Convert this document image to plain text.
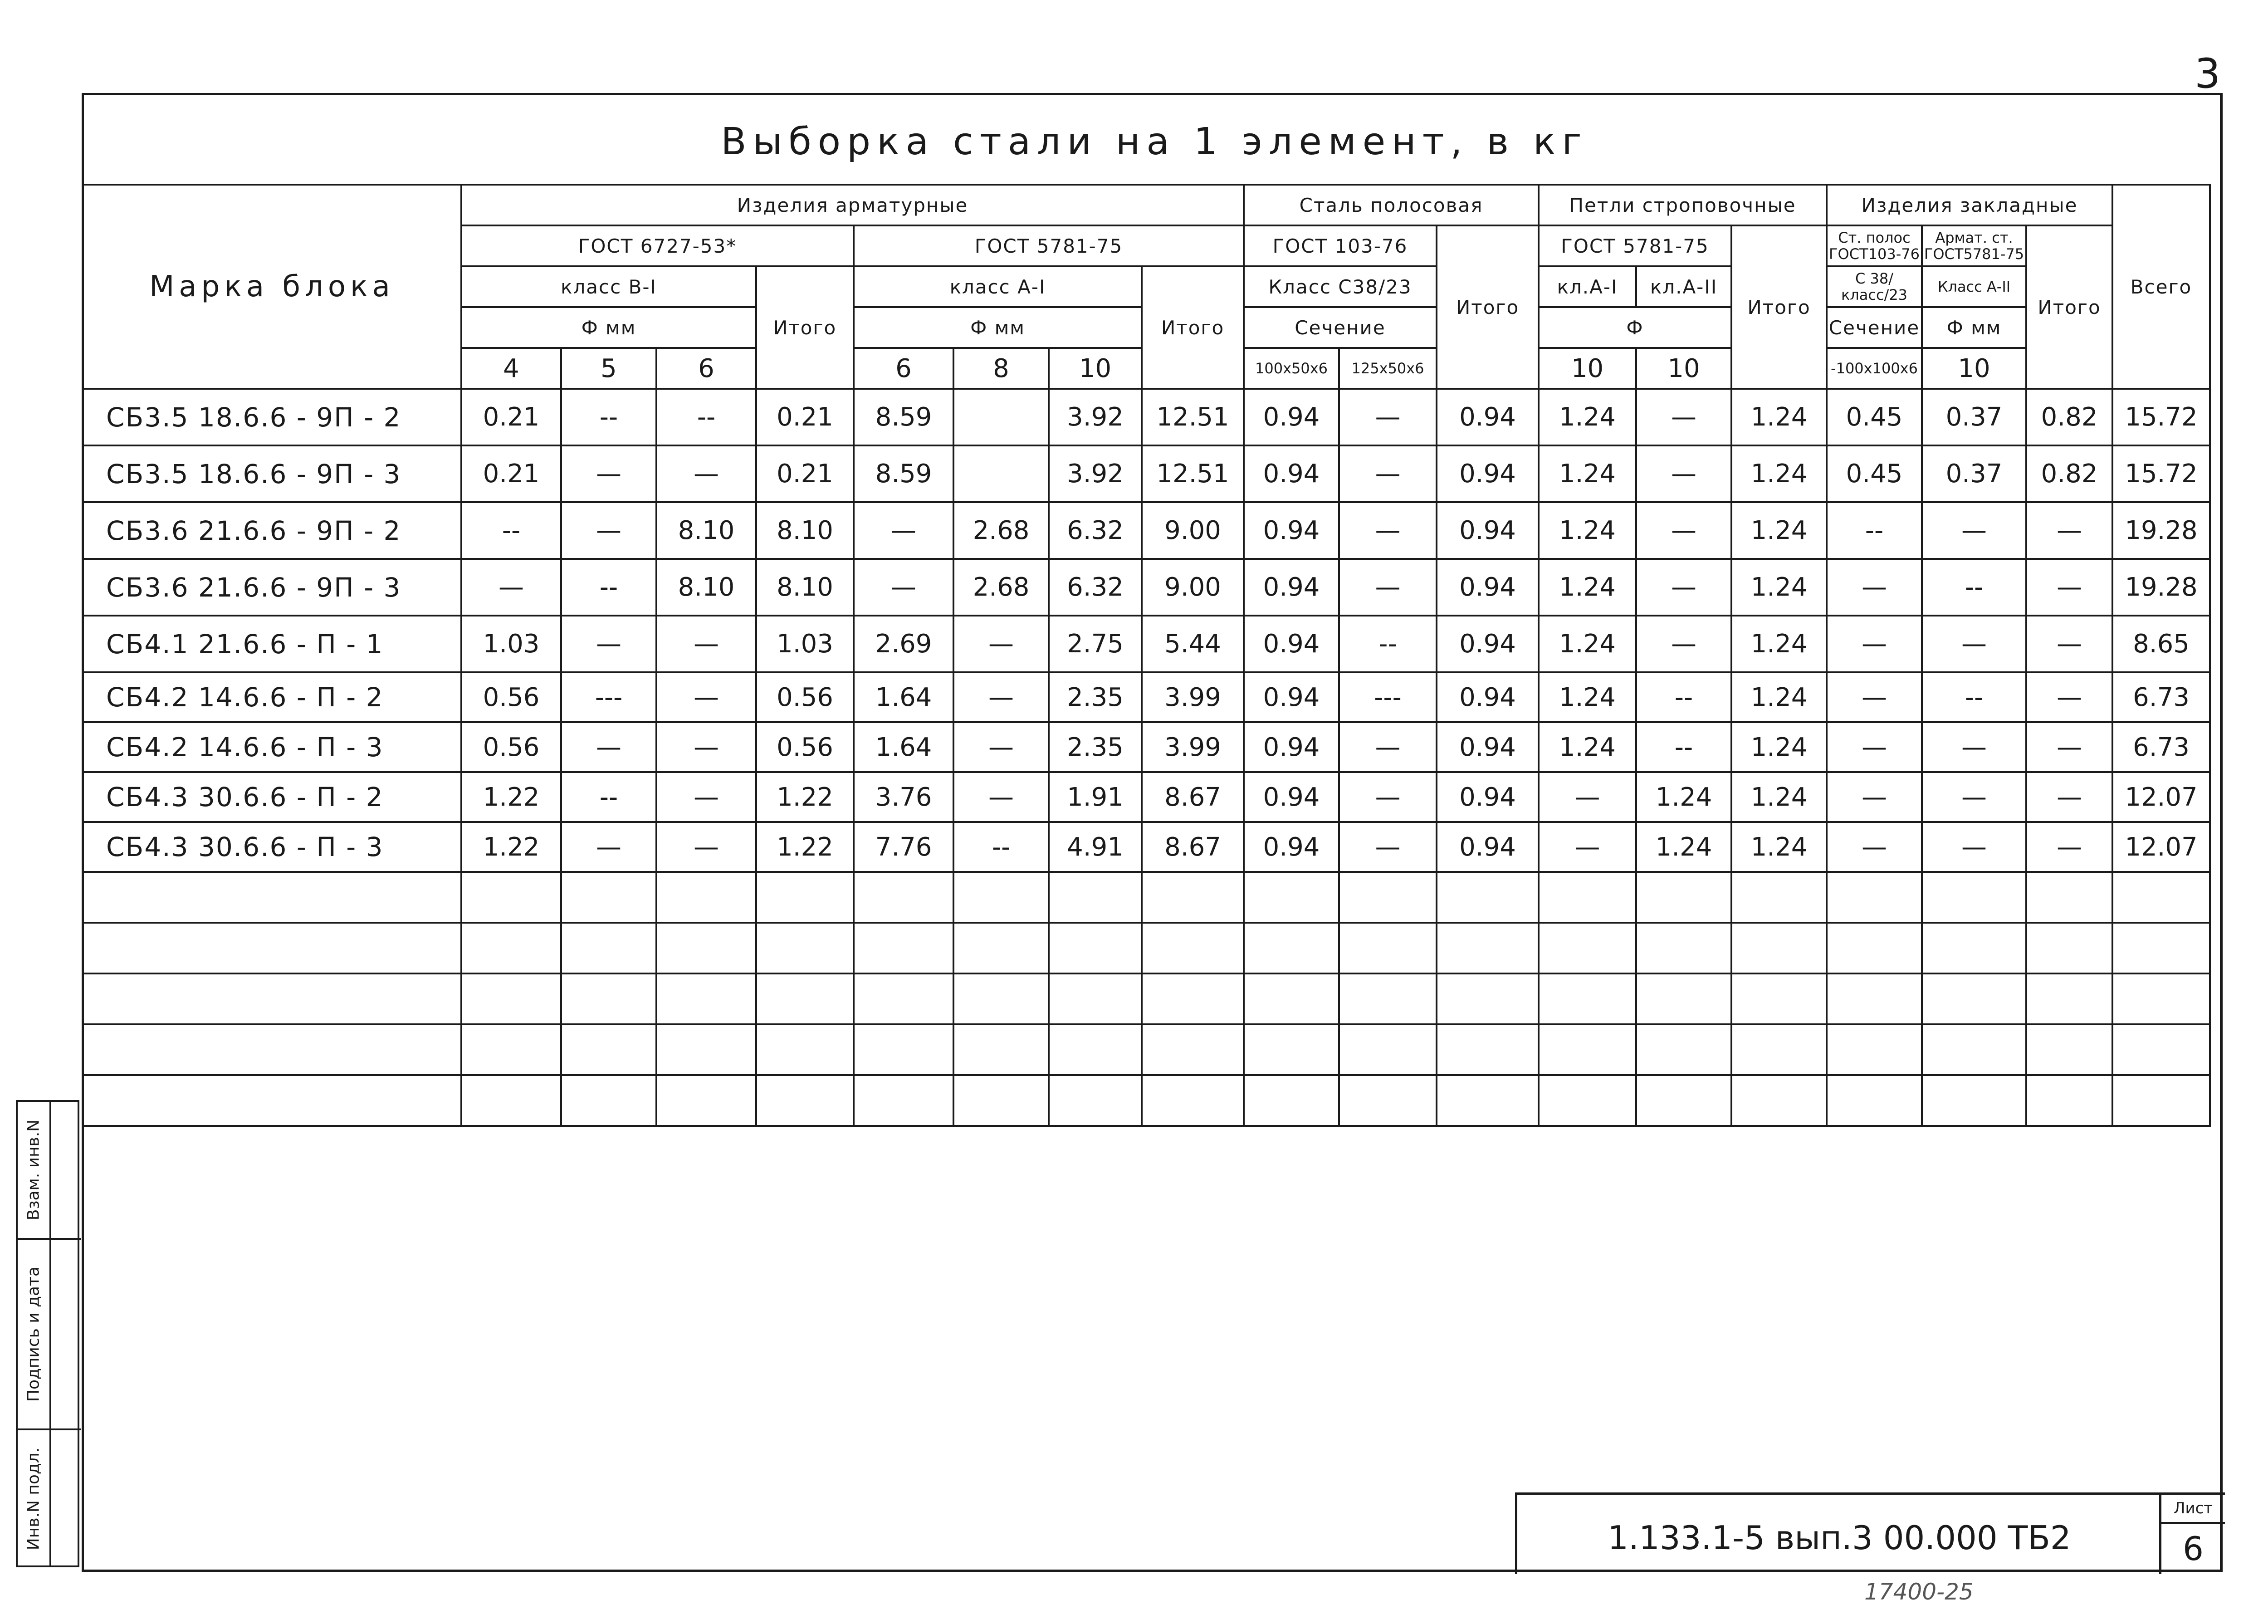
3
Выборка стали на 1 элемент, в кг
Марка блока	Изделия арматурные								Сталь полосовая			Петли строповочные			Изделия закладные			Всего
	ГОСТ 6727-53*				ГОСТ 5781-75				ГОСТ 103-76		Итого	ГОСТ 5781-75		Итого	Ст. полос ГОСТ103-76	Армат. ст. ГОСТ5781-75	Итого	
	класс В-I			Итого	класс А-I			Итого	Класс С38/23			кл.А-I	кл.А-II		С 38/ класс/23	Класс А-II		
	Ф мм				Ф мм				Сечение			Ф			Сечение	Ф мм		
	4	5	6		6	8	10		100x50x6	125x50x6		10	10		-100x100x6	10		
СБ3.5 18.6.6 - 9П - 2	0.21	--	--	0.21	8.59		3.92	12.51	0.94	—	0.94	1.24	—	1.24	0.45	0.37	0.82	15.72
СБ3.5 18.6.6 - 9П - 3	0.21	—	—	0.21	8.59		3.92	12.51	0.94	—	0.94	1.24	—	1.24	0.45	0.37	0.82	15.72
СБ3.6 21.6.6 - 9П - 2	--	—	8.10	8.10	—	2.68	6.32	9.00	0.94	—	0.94	1.24	—	1.24	--	—	—	19.28
СБ3.6 21.6.6 - 9П - 3	—	--	8.10	8.10	—	2.68	6.32	9.00	0.94	—	0.94	1.24	—	1.24	—	--	—	19.28
СБ4.1 21.6.6 - П - 1	1.03	—	—	1.03	2.69	—	2.75	5.44	0.94	--	0.94	1.24	—	1.24	—	—	—	8.65
СБ4.2 14.6.6 - П - 2	0.56	---	—	0.56	1.64	—	2.35	3.99	0.94	---	0.94	1.24	--	1.24	—	--	—	6.73
СБ4.2 14.6.6 - П - 3	0.56	—	—	0.56	1.64	—	2.35	3.99	0.94	—	0.94	1.24	--	1.24	—	—	—	6.73
СБ4.3 30.6.6 - П - 2	1.22	--	—	1.22	3.76	—	1.91	8.67	0.94	—	0.94	—	1.24	1.24	—	—	—	12.07
СБ4.3 30.6.6 - П - 3	1.22	—	—	1.22	7.76	--	4.91	8.67	0.94	—	0.94	—	1.24	1.24	—	—	—	12.07

1.133.1-5 вып.3 00.000 ТБ2
Лист
6
Взам. инв.N
Подпись и дата
Инв.N подл.
17400-25
